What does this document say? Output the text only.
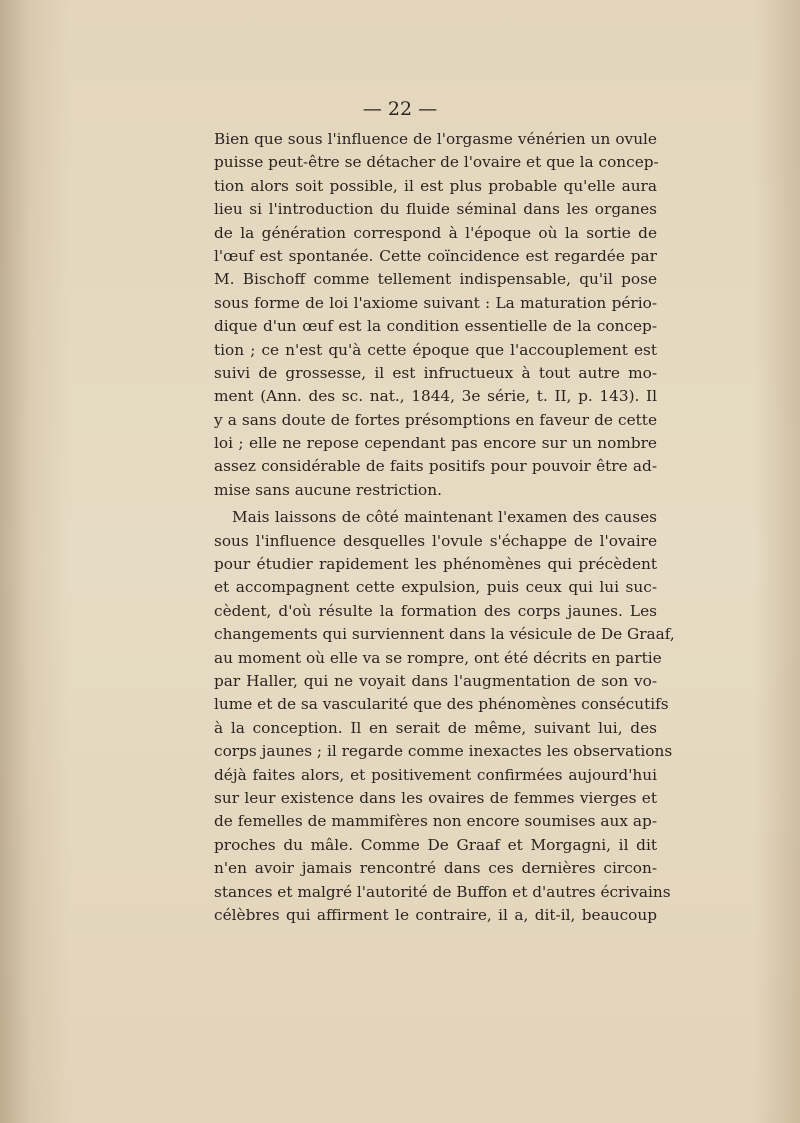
— 22 —
Bien que sous l'influence de l'orgasme vénérien un ovule
puisse peut-être se détacher de l'ovaire et que la concep-
tion alors soit possible, il est plus probable qu'elle aura
lieu si l'introduction du fluide séminal dans les organes
de la génération correspond à l'époque où la sortie de
l'œuf est spontanée. Cette coïncidence est regardée par
M. Bischoff comme tellement indispensable, qu'il pose
sous forme de loi l'axiome suivant : La maturation pério-
dique d'un œuf est la condition essentielle de la concep-
tion ; ce n'est qu'à cette époque que l'accouplement est
suivi de grossesse, il est infructueux à tout autre mo-
ment (Ann. des sc. nat., 1844, 3e série, t. II, p. 143). Il
y a sans doute de fortes présomptions en faveur de cette
loi ; elle ne repose cependant pas encore sur un nombre
assez considérable de faits positifs pour pouvoir être ad-
mise sans aucune restriction.
Mais laissons de côté maintenant l'examen des causes
sous l'influence desquelles l'ovule s'échappe de l'ovaire
pour étudier rapidement les phénomènes qui précèdent
et accompagnent cette expulsion, puis ceux qui lui suc-
cèdent, d'où résulte la formation des corps jaunes. Les
changements qui surviennent dans la vésicule de De Graaf,
au moment où elle va se rompre, ont été décrits en partie
par Haller, qui ne voyait dans l'augmentation de son vo-
lume et de sa vascularité que des phénomènes consécutifs
à la conception. Il en serait de même, suivant lui, des
corps jaunes ; il regarde comme inexactes les observations
déjà faites alors, et positivement confirmées aujourd'hui
sur leur existence dans les ovaires de femmes vierges et
de femelles de mammifères non encore soumises aux ap-
proches du mâle. Comme De Graaf et Morgagni, il dit
n'en avoir jamais rencontré dans ces dernières circon-
stances et malgré l'autorité de Buffon et d'autres écrivains
célèbres qui affirment le contraire, il a, dit-il, beaucoup
